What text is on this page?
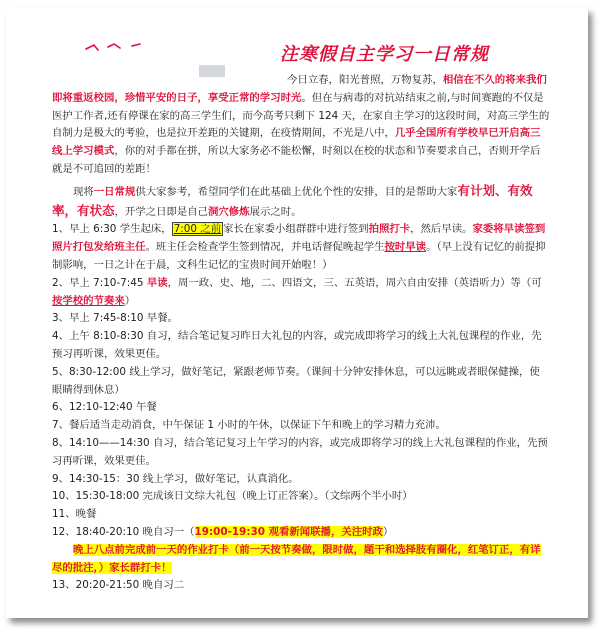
注寒假自主学习一日常规

今日立春，阳光普照，万物复苏，相信在不久的将来我们即将重返校园，珍惜平安的日子，享受正常的学习时光。但在与病毒的对抗站结束之前,与时间赛跑的不仅是医护工作者,还有停课在家的高三学生们，而今高考只剩下 124 天，在家自主学习的这段时间，对高三学生的自制力是极大的考验，也是拉开差距的关键期，在疫情期间，不光是八中，几乎全国所有学校早已开启高三线上学习模式，你的对手都在拼，所以大家务必不能松懈，时刻以在校的状态和节奏要求自己，否则开学后就是不可追回的差距！

现将一日常规供大家参考，希望同学们在此基础上优化个性的安排，目的是帮助大家有计划、有效率，有状态，开学之日即是自己洞穴修炼展示之时。

1、早上 6:30 学生起床， 7:00 之前 家长在家委小组群群中进行签到拍照打卡，然后早读。家委将早读签到照片打包发给班主任。班主任会检查学生签到情况，并电话督促晚起学生按时早读。（早上没有记忆的前提抑制影响，一日之计在于晨，文科生记忆的宝贵时间开始啦！）

2、早上 7:10-7:45 早读，周一政、史、地，二、四语文，三、五英语，周六自由安排（英语听力）等（可按学校的节奏来）

3、早上 7:45-8:10 早餐。

4、上午 8:10-8:30 自习，结合笔记复习昨日大礼包的内容，或完成即将学习的线上大礼包课程的作业，先预习再听课，效果更佳。

5、8:30-12:00 线上学习，做好笔记，紧跟老师节奏。（课间十分钟安排休息，可以远眺或者眼保健操，使眼睛得到休息）

6、12:10-12:40 午餐

7、餐后适当走动消食，中午保证 1 小时的午休，以保证下午和晚上的学习精力充沛。

8、14:10——14:30 自习，结合笔记复习上午学习的内容，或完成即将学习的线上大礼包课程的作业，先预习再听课，效果更佳。

9、14:30-15：30 线上学习，做好笔记，认真消化。

10、15:30-18:00 完成该日文综大礼包（晚上订正答案）。（文综两个半小时）

11、晚餐

12、18:40-20:10 晚自习一（19:00-19:30 观看新闻联播，关注时政）

晚上八点前完成前一天的作业打卡（前一天按节奏做，限时做，题干和选择肢有圈化，红笔订正，有详尽的批注，）家长群打卡！

13、20:20-21:50 晚自习二
